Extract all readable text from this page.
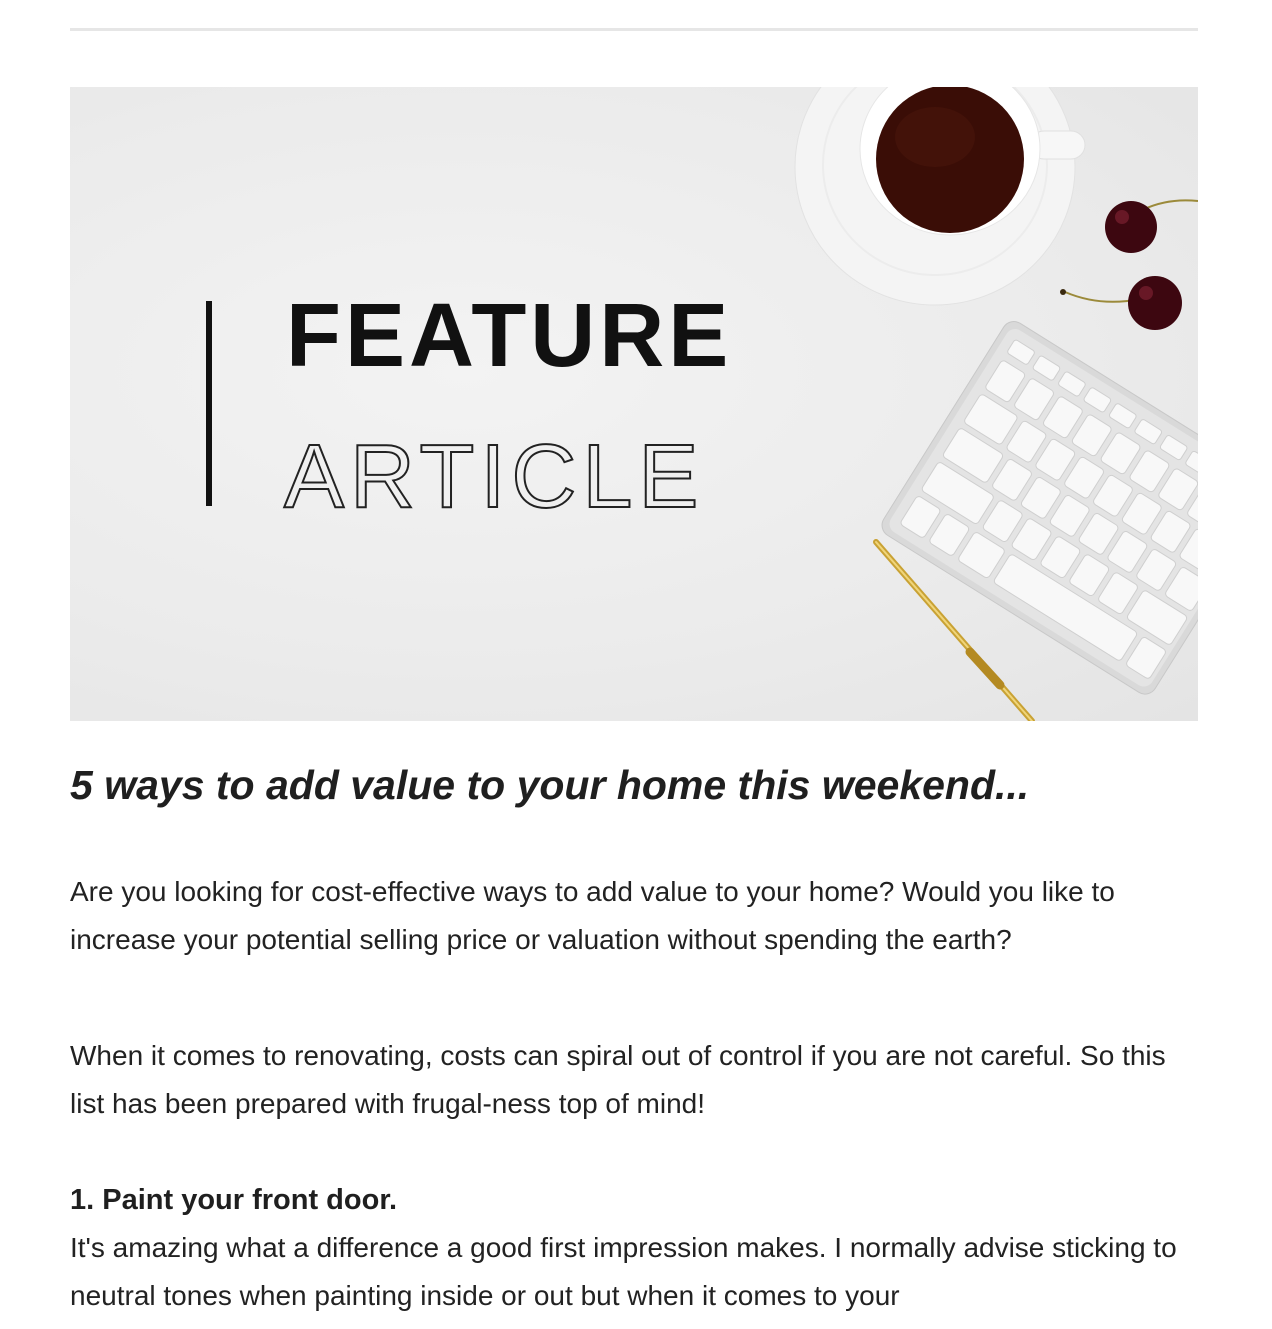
FEATURE
ARTICLE
5 ways to add value to your home this weekend...

Are you looking for cost-effective ways to add value to your home? Would you like to increase your potential selling price or valuation without spending the earth?

When it comes to renovating, costs can spiral out of control if you are not careful. So this list has been prepared with frugal-ness top of mind!

1. Paint your front door.

It's amazing what a difference a good first impression makes. I normally advise sticking to neutral tones when painting inside or out but when it comes to your
